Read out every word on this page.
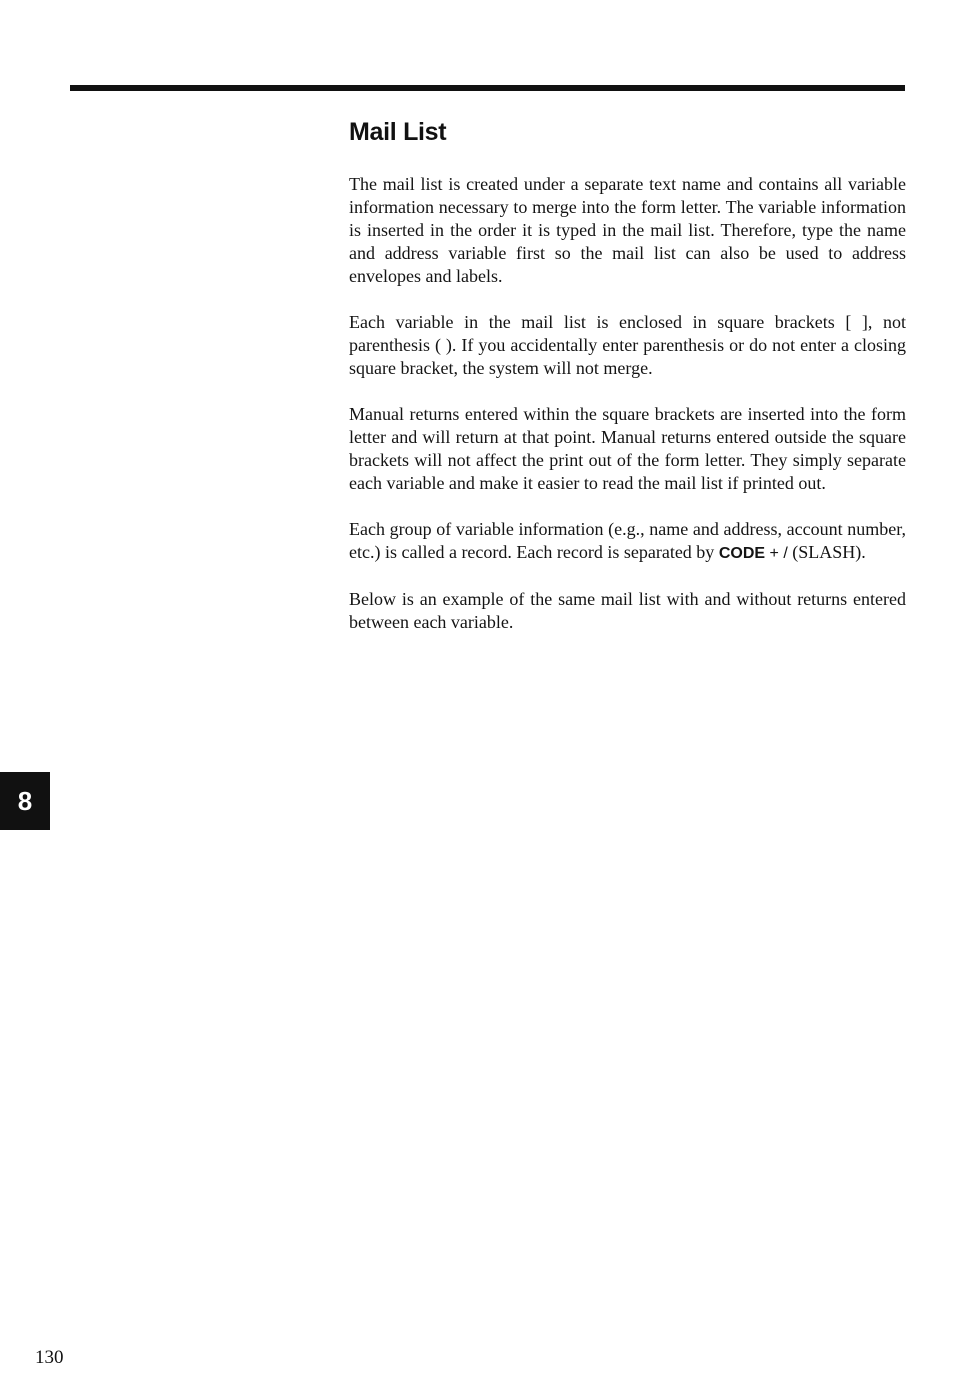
Mail List

The mail list is created under a separate text name and contains all variable information necessary to merge into the form letter. The variable information is inserted in the order it is typed in the mail list. Therefore, type the name and address variable first so the mail list can also be used to address envelopes and labels.

Each variable in the mail list is enclosed in square brackets [ ], not parenthesis ( ). If you accidentally enter parenthesis or do not enter a closing square bracket, the system will not merge.

Manual returns entered within the square brackets are inserted into the form letter and will return at that point. Manual returns entered outside the square brackets will not affect the print out of the form letter. They simply separate each variable and make it easier to read the mail list if printed out.

Each group of variable information (e.g., name and address, account number, etc.) is called a record. Each record is separated by CODE + / (SLASH).

Below is an example of the same mail list with and without returns entered between each variable.

8
130
